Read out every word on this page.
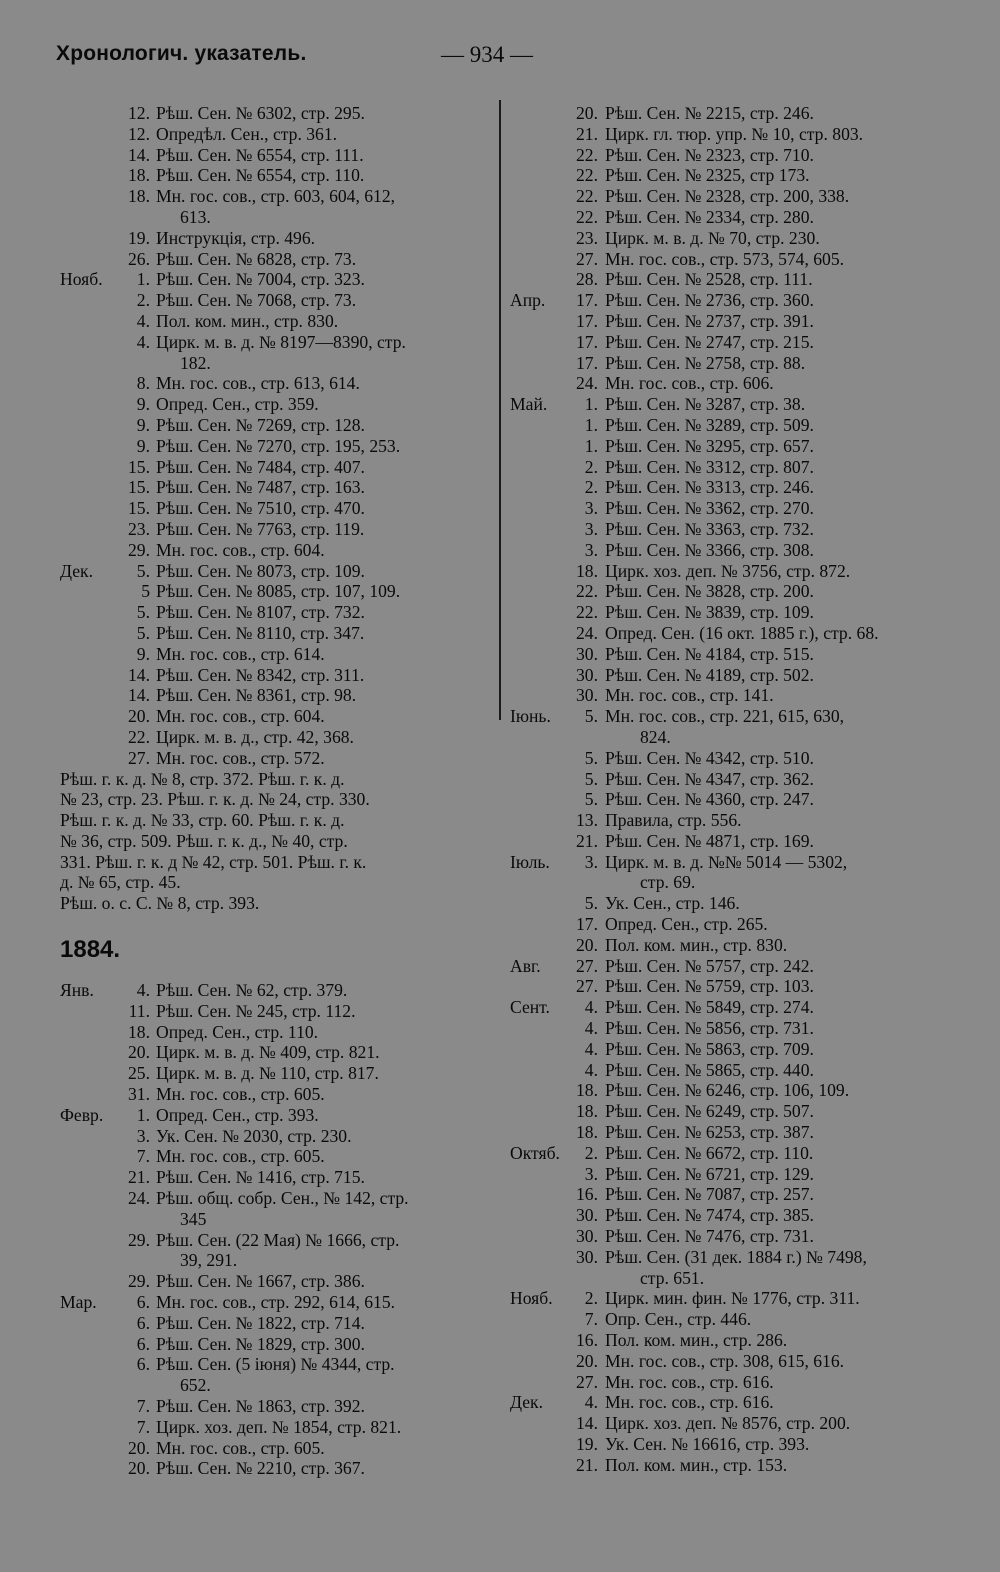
Хронологич. указатель.	— 934 —
12. Рѣш. Сен. № 6302, стр. 295.
12. Опредѣл. Сен., стр. 361.
14. Рѣш. Сен. № 6554, стр. 111.
18. Рѣш. Сен. № 6554, стр. 110.
18. Мн. гос. сов., стр. 603, 604, 612,
613.
19. Инструкція, стр. 496.
26. Рѣш. Сен. № 6828, стр. 73.
Нояб.	1. Рѣш. Сен. № 7004, стр. 323.
2. Рѣш. Сен. № 7068, стр. 73.
4. Пол. ком. мин., стр. 830.
4. Цирк. м. в. д. № 8197—8390, стр.
182.
8. Мн. гос. сов., стр. 613, 614.
9. Опред. Сен., стр. 359.
9. Рѣш. Сен. № 7269, стр. 128.
9. Рѣш. Сен. № 7270, стр. 195, 253.
15. Рѣш. Сен. № 7484, стр. 407.
15. Рѣш. Сен. № 7487, стр. 163.
15. Рѣш. Сен. № 7510, стр. 470.
23. Рѣш. Сен. № 7763, стр. 119.
29. Мн. гос. сов., стр. 604.
Дек.	5. Рѣш. Сен. № 8073, стр. 109.
5 Рѣш. Сен. № 8085, стр. 107, 109.
5. Рѣш. Сен. № 8107, стр. 732.
5. Рѣш. Сен. № 8110, стр. 347.
9. Мн. гос. сов., стр. 614.
14. Рѣш. Сен. № 8342, стр. 311.
14. Рѣш. Сен. № 8361, стр. 98.
20. Мн. гос. сов., стр. 604.
22. Цирк. м. в. д., стр. 42, 368.
27. Мн. гос. сов., стр. 572.
Рѣш. г. к. д. № 8, стр. 372. Рѣш. г. к. д.
№ 23, стр. 23. Рѣш. г. к. д. № 24, стр. 330.
Рѣш. г. к. д. № 33, стр. 60. Рѣш. г. к. д.
№ 36, стр. 509. Рѣш. г. к. д., № 40, стр.
331. Рѣш. г. к. д № 42, стр. 501. Рѣш. г. к.
д. № 65, стр. 45.
Рѣш. о. с. С. № 8, стр. 393.
1884.
Янв.	4. Рѣш. Сен. № 62, стр. 379.
11. Рѣш. Сен. № 245, стр. 112.
18. Опред. Сен., стр. 110.
20. Цирк. м. в. д. № 409, стр. 821.
25. Цирк. м. в. д. № 110, стр. 817.
31. Мн. гос. сов., стр. 605.
Февр.	1. Опред. Сен., стр. 393.
3. Ук. Сен. № 2030, стр. 230.
7. Мн. гос. сов., стр. 605.
21. Рѣш. Сен. № 1416, стр. 715.
24. Рѣш. общ. собр. Сен., № 142, стр.
345
29. Рѣш. Сен. (22 Мая) № 1666, стр.
39, 291.
29. Рѣш. Сен. № 1667, стр. 386.
Мар.	6. Мн. гос. сов., стр. 292, 614, 615.
6. Рѣш. Сен. № 1822, стр. 714.
6. Рѣш. Сен. № 1829, стр. 300.
6. Рѣш. Сен. (5 іюня) № 4344, стр.
652.
7. Рѣш. Сен. № 1863, стр. 392.
7. Цирк. хоз. деп. № 1854, стр. 821.
20. Мн. гос. сов., стр. 605.
20. Рѣш. Сен. № 2210, стр. 367.
20. Рѣш. Сен. № 2215, стр. 246.
21. Цирк. гл. тюр. упр. № 10, стр. 803.
22. Рѣш. Сен. № 2323, стр. 710.
22. Рѣш. Сен. № 2325, стр 173.
22. Рѣш. Сен. № 2328, стр. 200, 338.
22. Рѣш. Сен. № 2334, стр. 280.
23. Цирк. м. в. д. № 70, стр. 230.
27. Мн. гос. сов., стр. 573, 574, 605.
28. Рѣш. Сен. № 2528, стр. 111.
Апр.	17. Рѣш. Сен. № 2736, стр. 360.
17. Рѣш. Сен. № 2737, стр. 391.
17. Рѣш. Сен. № 2747, стр. 215.
17. Рѣш. Сен. № 2758, стр. 88.
24. Мн. гос. сов., стр. 606.
Май.	1. Рѣш. Сен. № 3287, стр. 38.
1. Рѣш. Сен. № 3289, стр. 509.
1. Рѣш. Сен. № 3295, стр. 657.
2. Рѣш. Сен. № 3312, стр. 807.
2. Рѣш. Сен. № 3313, стр. 246.
3. Рѣш. Сен. № 3362, стр. 270.
3. Рѣш. Сен. № 3363, стр. 732.
3. Рѣш. Сен. № 3366, стр. 308.
18. Цирк. хоз. деп. № 3756, стр. 872.
22. Рѣш. Сен. № 3828, стр. 200.
22. Рѣш. Сен. № 3839, стр. 109.
24. Опред. Сен. (16 окт. 1885 г.), стр. 68.
30. Рѣш. Сен. № 4184, стр. 515.
30. Рѣш. Сен. № 4189, стр. 502.
30. Мн. гос. сов., стр. 141.
Іюнь.	5. Мн. гос. сов., стр. 221, 615, 630,
824.
5. Рѣш. Сен. № 4342, стр. 510.
5. Рѣш. Сен. № 4347, стр. 362.
5. Рѣш. Сен. № 4360, стр. 247.
13. Правила, стр. 556.
21. Рѣш. Сен. № 4871, стр. 169.
Іюль.	3. Цирк. м. в. д. №№ 5014 — 5302,
стр. 69.
5. Ук. Сен., стр. 146.
17. Опред. Сен., стр. 265.
20. Пол. ком. мин., стр. 830.
Авг.	27. Рѣш. Сен. № 5757, стр. 242.
27. Рѣш. Сен. № 5759, стр. 103.
Сент.	4. Рѣш. Сен. № 5849, стр. 274.
4. Рѣш. Сен. № 5856, стр. 731.
4. Рѣш. Сен. № 5863, стр. 709.
4. Рѣш. Сен. № 5865, стр. 440.
18. Рѣш. Сен. № 6246, стр. 106, 109.
18. Рѣш. Сен. № 6249, стр. 507.
18. Рѣш. Сен. № 6253, стр. 387.
Октяб.	2. Рѣш. Сен. № 6672, стр. 110.
3. Рѣш. Сен. № 6721, стр. 129.
16. Рѣш. Сен. № 7087, стр. 257.
30. Рѣш. Сен. № 7474, стр. 385.
30. Рѣш. Сен. № 7476, стр. 731.
30. Рѣш. Сен. (31 дек. 1884 г.) № 7498,
стр. 651.
Нояб.	2. Цирк. мин. фин. № 1776, стр. 311.
7. Опр. Сен., стр. 446.
16. Пол. ком. мин., стр. 286.
20. Мн. гос. сов., стр. 308, 615, 616.
27. Мн. гос. сов., стр. 616.
Дек.	4. Мн. гос. сов., стр. 616.
14. Цирк. хоз. деп. № 8576, стр. 200.
19. Ук. Сен. № 16616, стр. 393.
21. Пол. ком. мин., стр. 153.
